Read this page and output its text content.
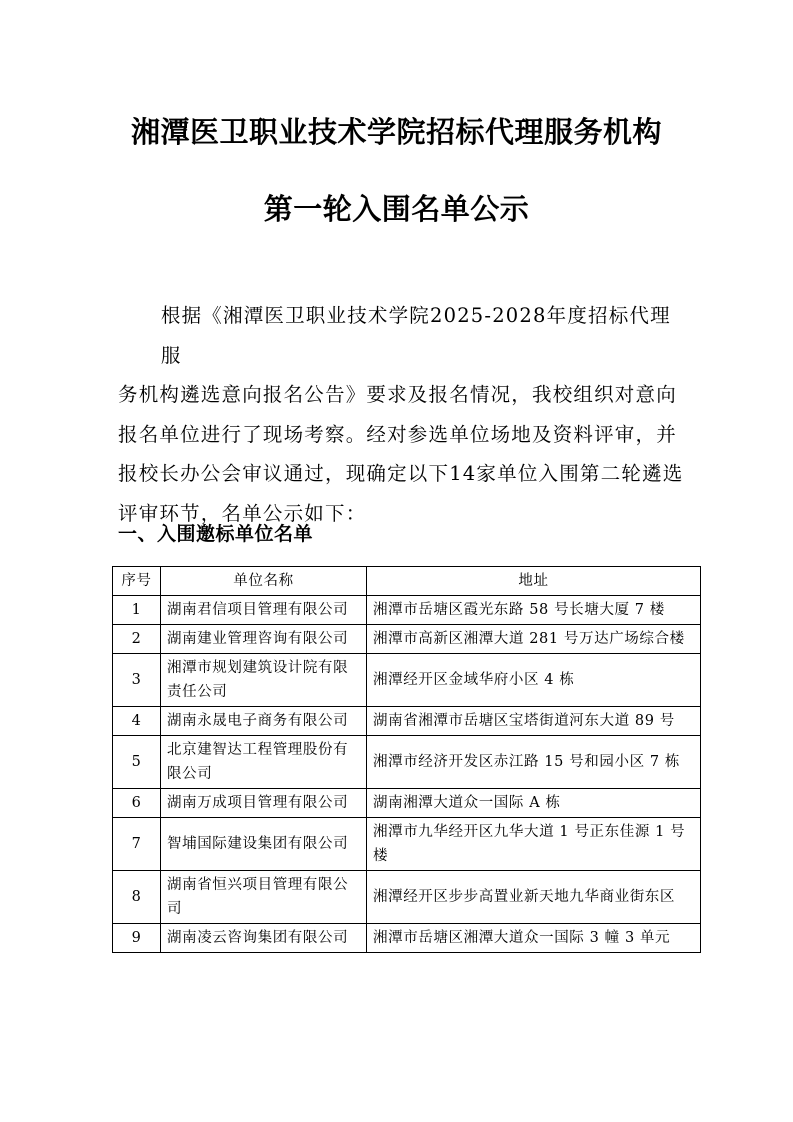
湘潭医卫职业技术学院招标代理服务机构
第一轮入围名单公示

根据《湘潭医卫职业技术学院2025-2028年度招标代理服

务机构遴选意向报名公告》要求及报名情况，我校组织对意向

报名单位进行了现场考察。经对参选单位场地及资料评审，并

报校长办公会审议通过，现确定以下14家单位入围第二轮遴选

评审环节，名单公示如下：

一、入围邀标单位名单
序号	单位名称	地址
1	湖南君信项目管理有限公司	湘潭市岳塘区霞光东路 58 号长塘大厦 7 楼
2	湖南建业管理咨询有限公司	湘潭市高新区湘潭大道 281 号万达广场综合楼
3	湘潭市规划建筑设计院有限责任公司	湘潭经开区金域华府小区 4 栋
4	湖南永晟电子商务有限公司	湖南省湘潭市岳塘区宝塔街道河东大道 89 号
5	北京建智达工程管理股份有限公司	湘潭市经济开发区赤江路 15 号和园小区 7 栋
6	湖南万成项目管理有限公司	湖南湘潭大道众一国际 A 栋
7	智埔国际建设集团有限公司	湘潭市九华经开区九华大道 1 号正东佳源 1 号楼
8	湖南省恒兴项目管理有限公司	湘潭经开区步步高置业新天地九华商业街东区
9	湖南凌云咨询集团有限公司	湘潭市岳塘区湘潭大道众一国际 3 幢 3 单元
